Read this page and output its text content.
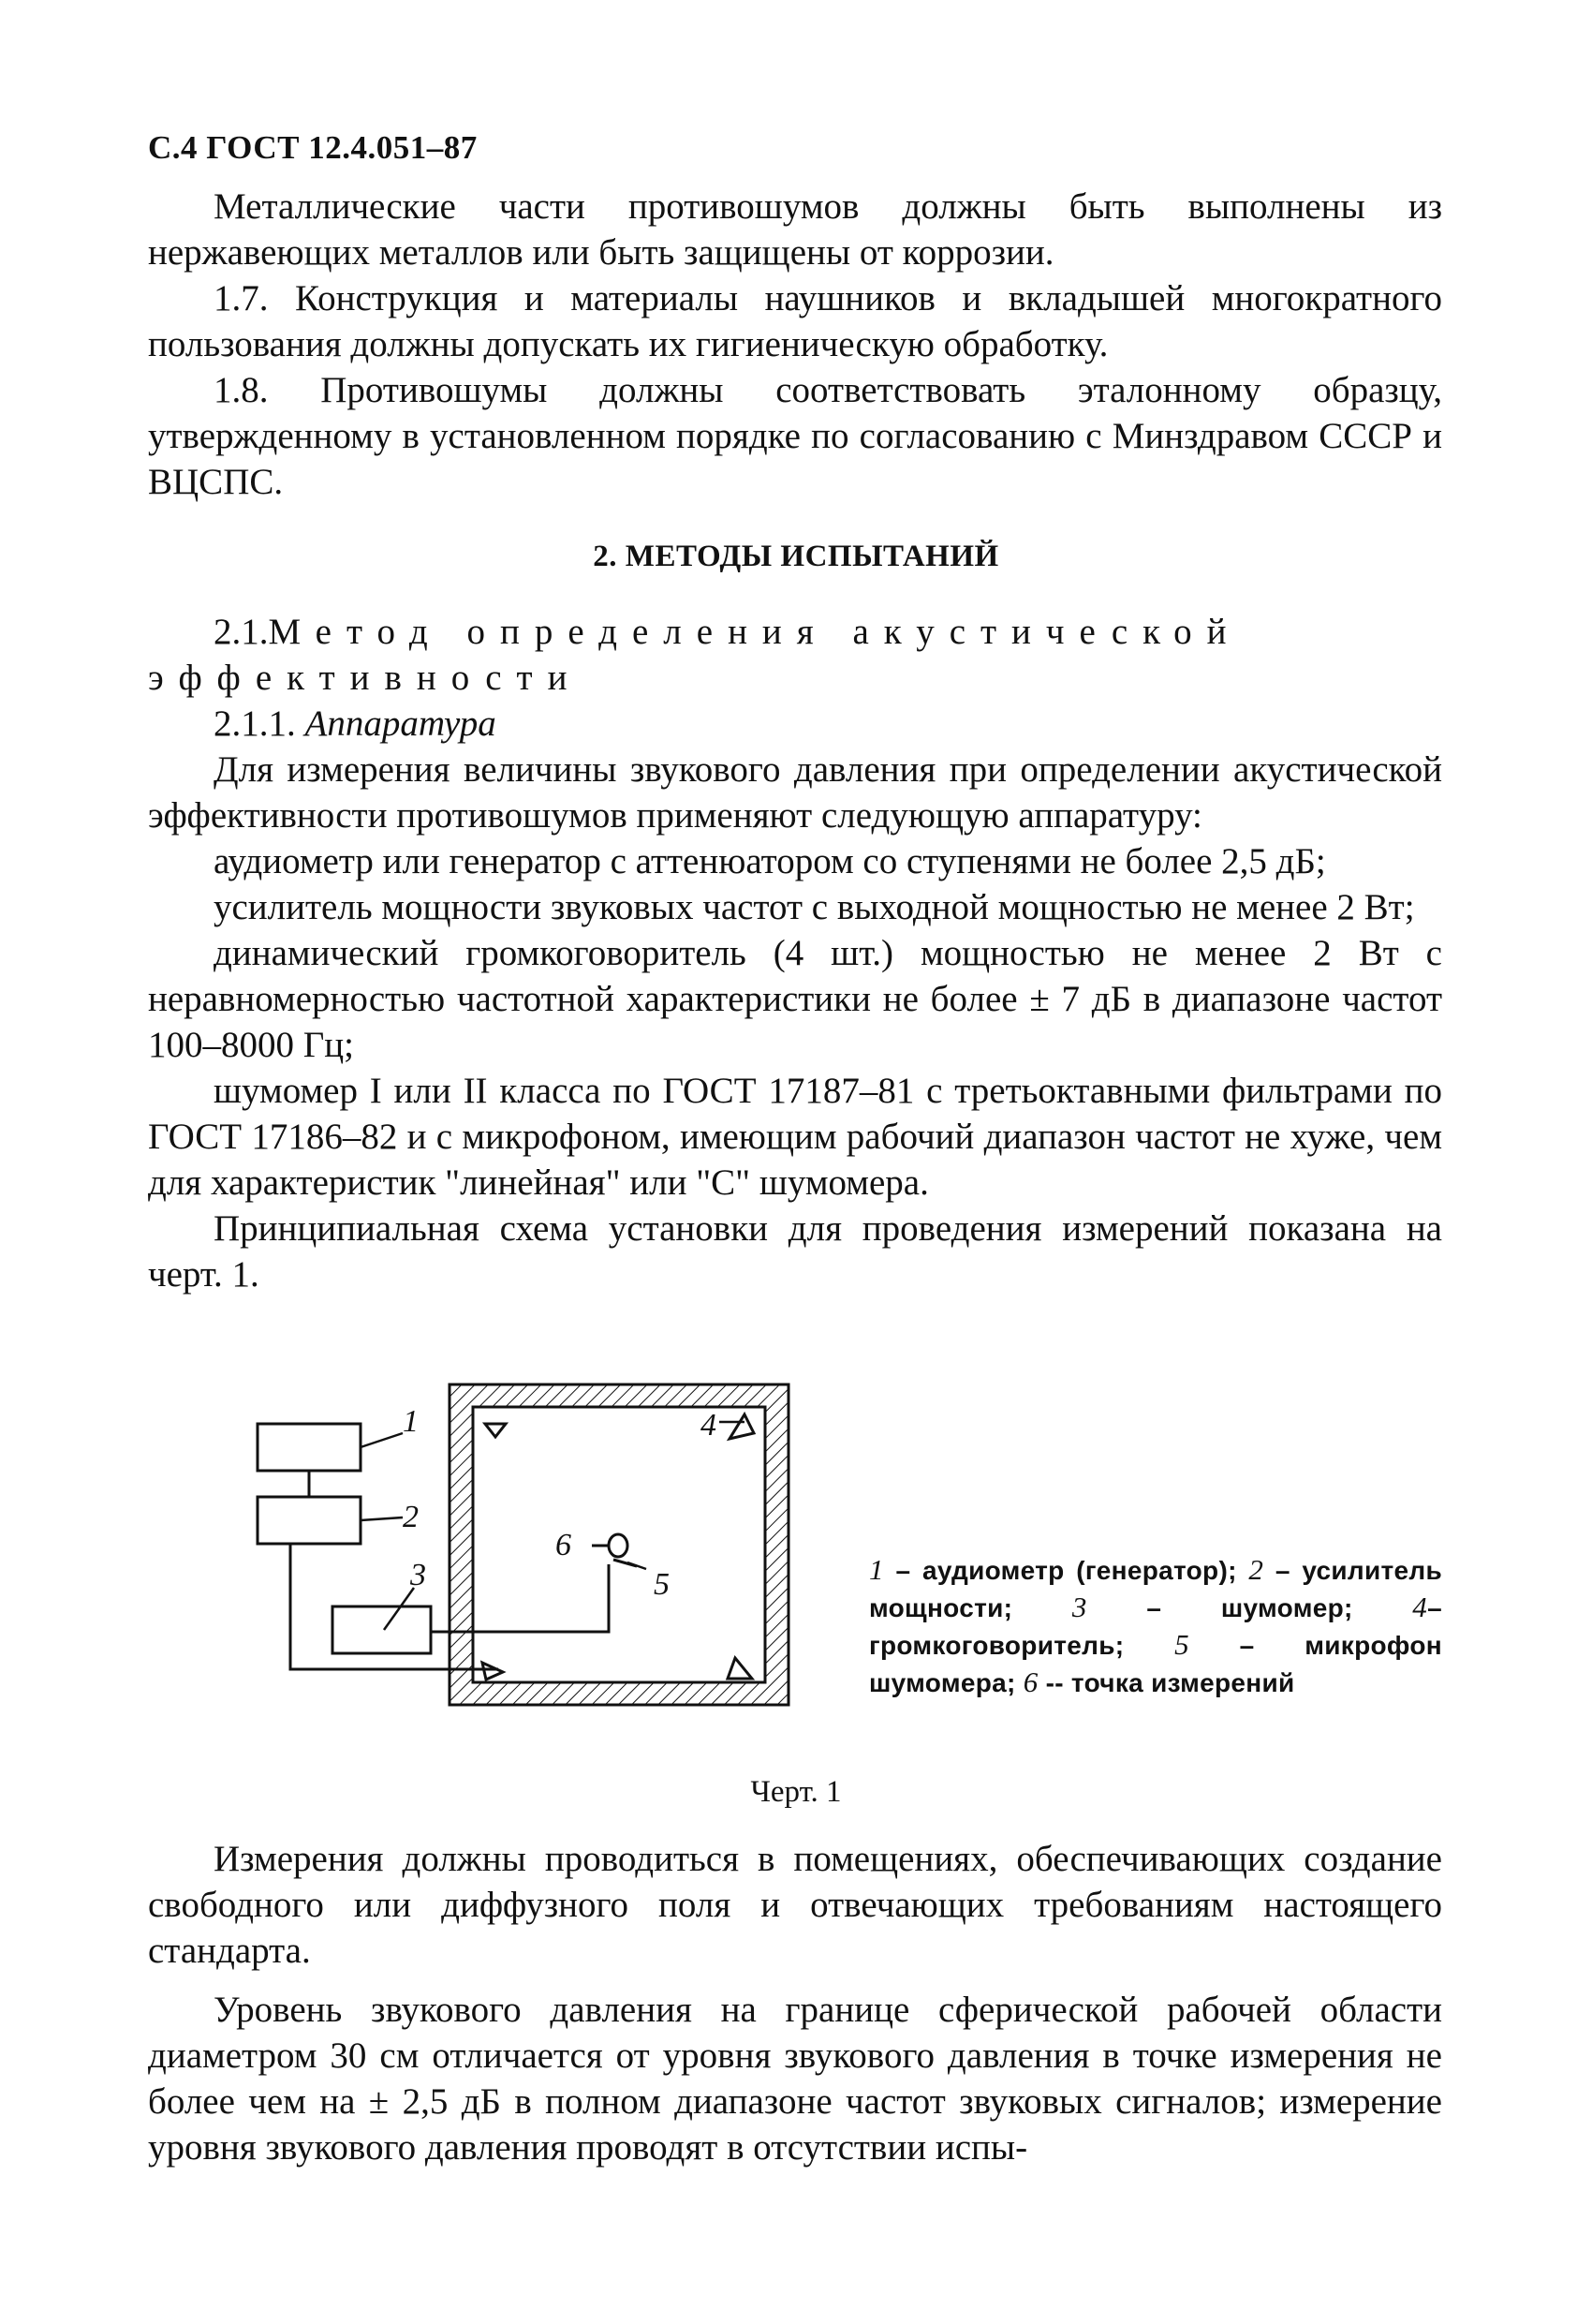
С.4 ГОСТ 12.4.051–87

Металлические части противошумов должны быть выполнены из нержавеющих металлов или быть защищены от коррозии.

1.7. Конструкция и материалы наушников и вкладышей многократного пользования должны допускать их гигиеническую обработку.

1.8. Противошумы должны соответствовать эталонному образцу, утвержденному в установленном порядке по согласованию с Минздравом СССР и ВЦСПС.

2. МЕТОДЫ ИСПЫТАНИЙ
2.1.Метод определения акустической эффективности
2.1.1. Аппаратура

Для измерения величины звукового давления при определении акустической эффективности противошумов применяют следующую аппаратуру:

аудиометр или генератор с аттенюатором со ступенями не более 2,5 дБ;

усилитель мощности звуковых частот с выходной мощностью не менее 2 Вт;

динамический громкоговоритель (4 шт.) мощностью не менее 2 Вт с неравномерностью частотной характеристики не более ± 7 дБ в диапазоне частот 100–8000 Гц;

шумомер I или II класса по ГОСТ 17187–81 с третьоктавными фильтрами по ГОСТ 17186–82 и с микрофоном, имеющим рабочий диапазон частот не хуже, чем для характеристик "линейная" или "С" шумомера.

Принципиальная схема установки для проведения измерений показана на черт. 1.

1
2
3
4
5
6
1 – аудиометр (генератор); 2 – усилитель мощности; 3 – шумомер; 4–громкоговоритель; 5 – микрофон шумомера; 6 -- точка измерений
Черт. 1

Измерения должны проводиться в помещениях, обеспечивающих создание свободного или диффузного поля и отвечающих требованиям настоящего стандарта.

Уровень звукового давления на границе сферической рабочей области диаметром 30 см отличается от уровня звукового давления в точке измерения не более чем на ± 2,5 дБ в полном диапазоне частот звуковых сигналов; измерение уровня звукового давления проводят в отсутствии испы-
